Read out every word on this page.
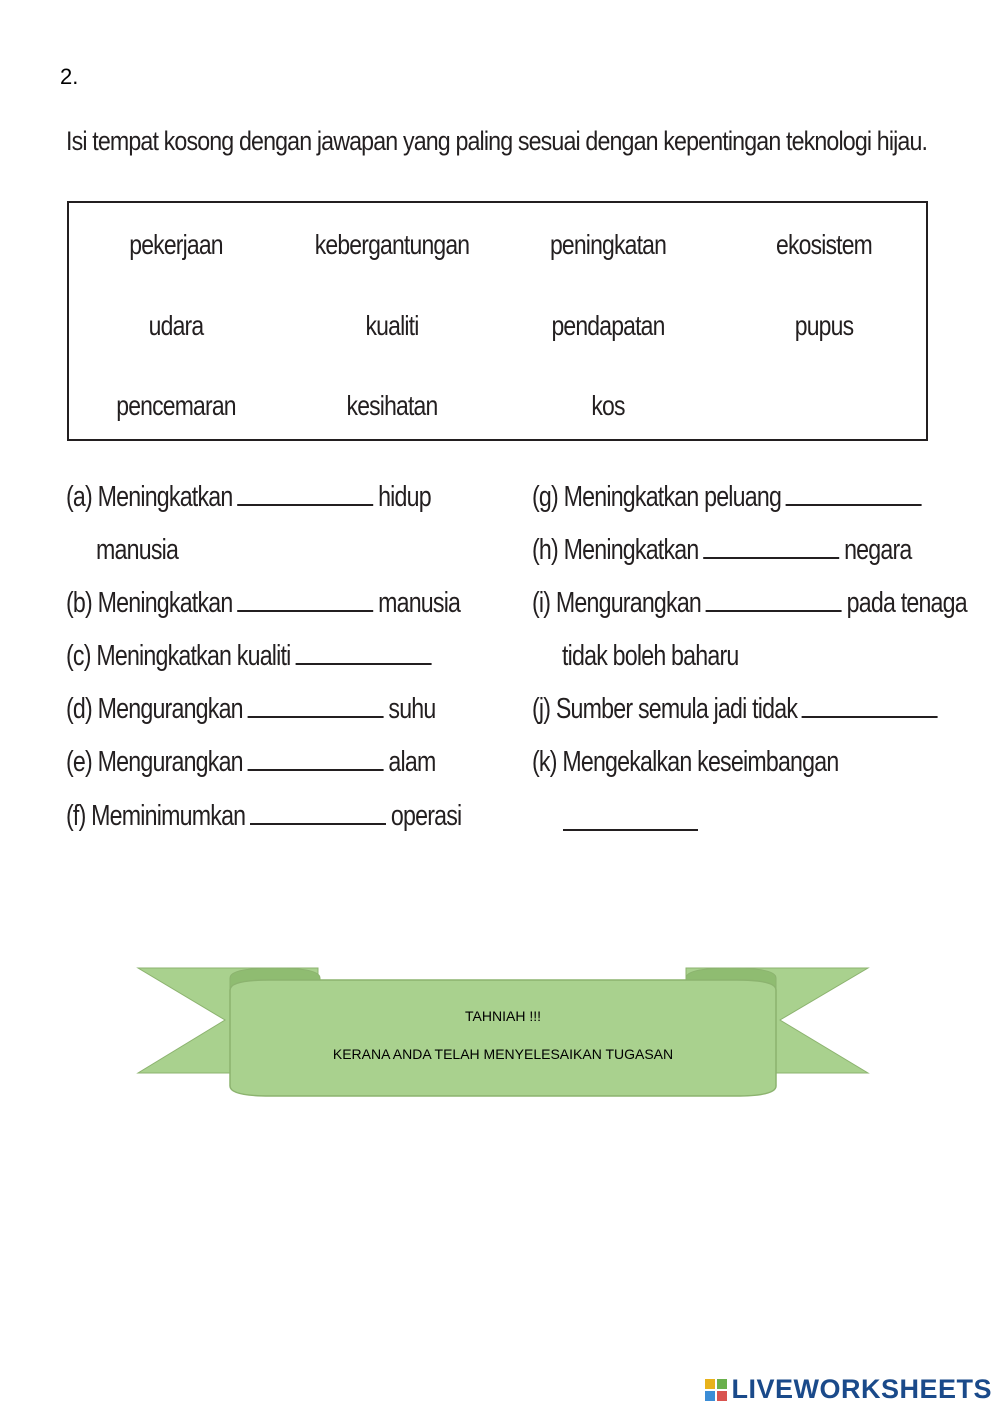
2.
Isi tempat kosong dengan jawapan yang paling sesuai dengan kepentingan teknologi hijau.
pekerjaan	kebergantungan	peningkatan	ekosistem
udara	kualiti	pendapatan	pupus
pencemaran	kesihatan	kos
(a) Meningkatkan	hidup
manusia
(b) Meningkatkan	manusia
(c) Meningkatkan kualiti
(d) Mengurangkan	suhu
(e) Mengurangkan	alam
(f) Meminimumkan	operasi
(g) Meningkatkan peluang
(h) Meningkatkan	negara
(i) Mengurangkan	pada tenaga
tidak boleh baharu
(j) Sumber semula jadi tidak
(k) Mengekalkan keseimbangan
TAHNIAH !!!
KERANA ANDA TELAH MENYELESAIKAN TUGASAN
LIVEWORKSHEETS
